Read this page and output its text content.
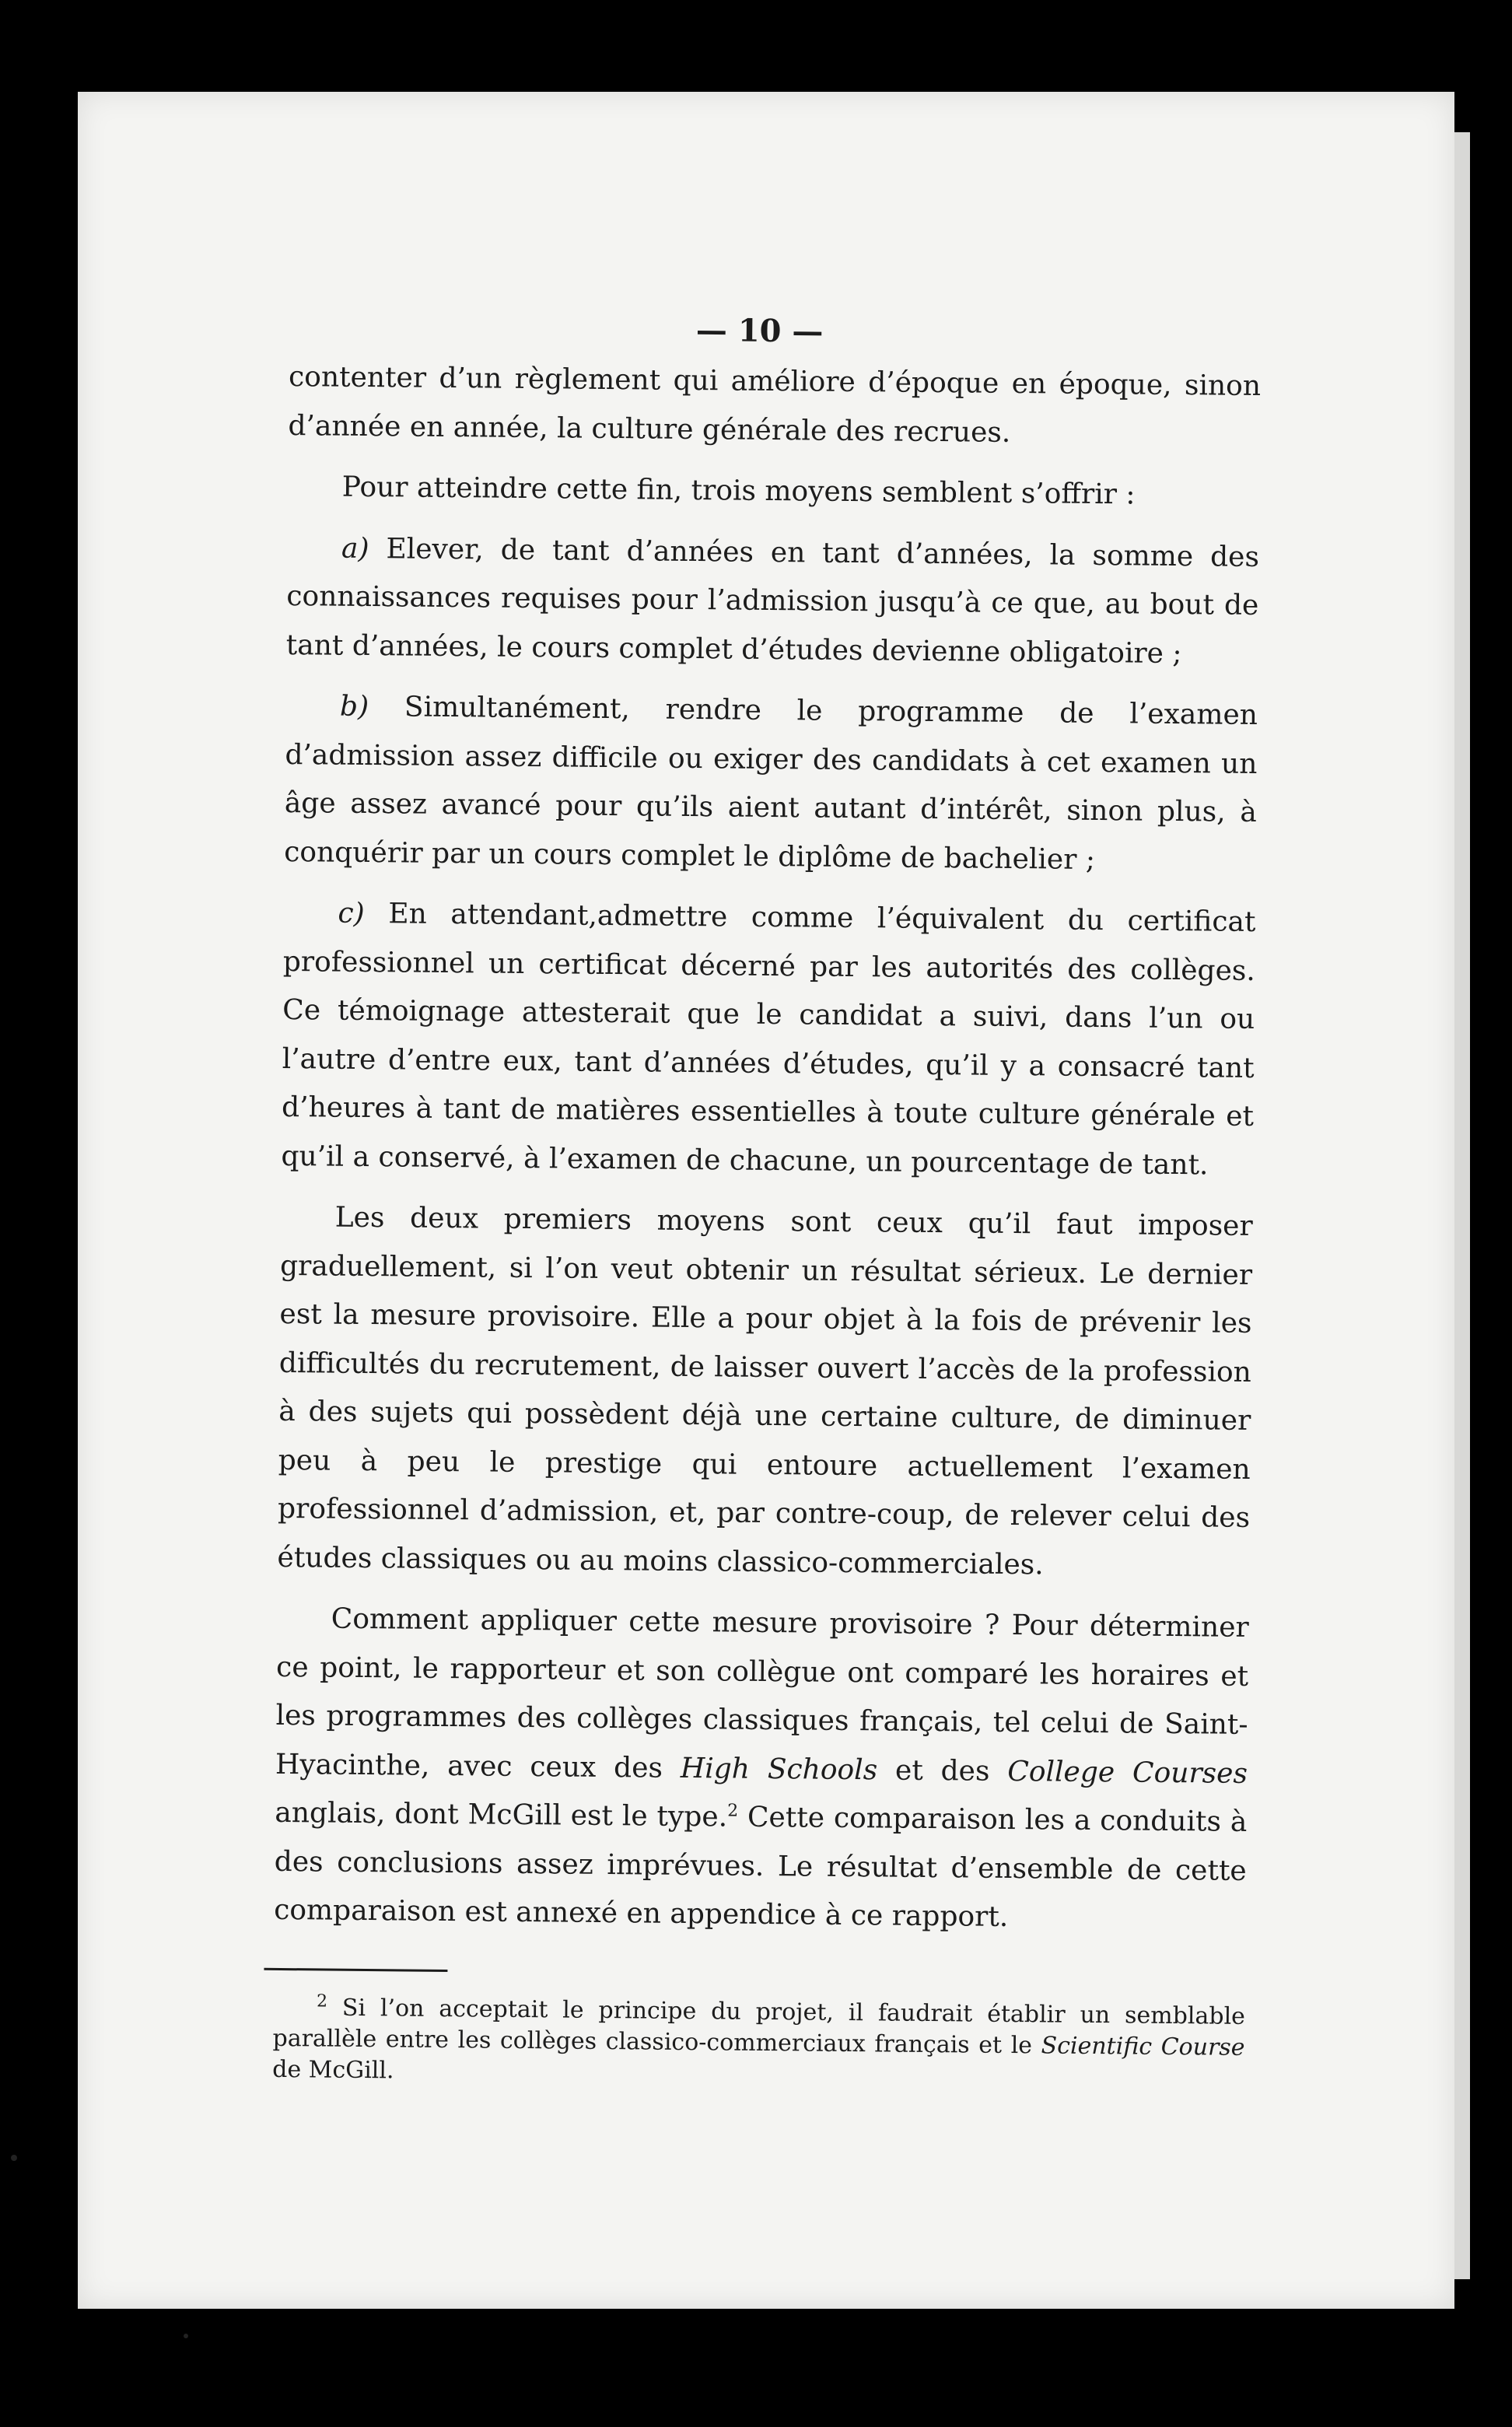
— 10 —

contenter d’un règlement qui améliore d’époque en époque, sinon d’année en année, la culture générale des recrues.

Pour atteindre cette fin, trois moyens semblent s’offrir :

a) Elever, de tant d’années en tant d’années, la somme des connaissances requises pour l’admission jusqu’à ce que, au bout de tant d’années, le cours complet d’études devienne obligatoire ;

b) Simultanément, rendre le programme de l’examen d’admission assez difficile ou exiger des candidats à cet examen un âge assez avancé pour qu’ils aient autant d’intérêt, sinon plus, à conquérir par un cours complet le diplôme de bachelier ;

c) En attendant,admettre comme l’équivalent du certificat professionnel un certificat décerné par les autorités des collèges. Ce témoignage attesterait que le candidat a suivi, dans l’un ou l’autre d’entre eux, tant d’années d’études, qu’il y a consacré tant d’heures à tant de matières essentielles à toute culture générale et qu’il a conservé, à l’examen de chacune, un pourcentage de tant.

Les deux premiers moyens sont ceux qu’il faut imposer graduellement, si l’on veut obtenir un résultat sérieux. Le dernier est la mesure provisoire. Elle a pour objet à la fois de prévenir les difficultés du recrutement, de laisser ouvert l’accès de la profession à des sujets qui possèdent déjà une certaine culture, de diminuer peu à peu le prestige qui entoure actuellement l’examen professionnel d’admission, et, par contre-coup, de relever celui des études classiques ou au moins classico-commerciales.

Comment appliquer cette mesure provisoire ? Pour déterminer ce point, le rapporteur et son collègue ont comparé les horaires et les programmes des collèges classiques français, tel celui de Saint-Hyacinthe, avec ceux des High Schools et des College Courses anglais, dont McGill est le type.$^2$ Cette comparaison les a conduits à des conclusions assez imprévues. Le résultat d’ensemble de cette comparaison est annexé en appendice à ce rapport.

$^2$ Si l’on acceptait le principe du projet, il faudrait établir un semblable parallèle entre les collèges classico-commerciaux français et le Scientific Course de McGill.
